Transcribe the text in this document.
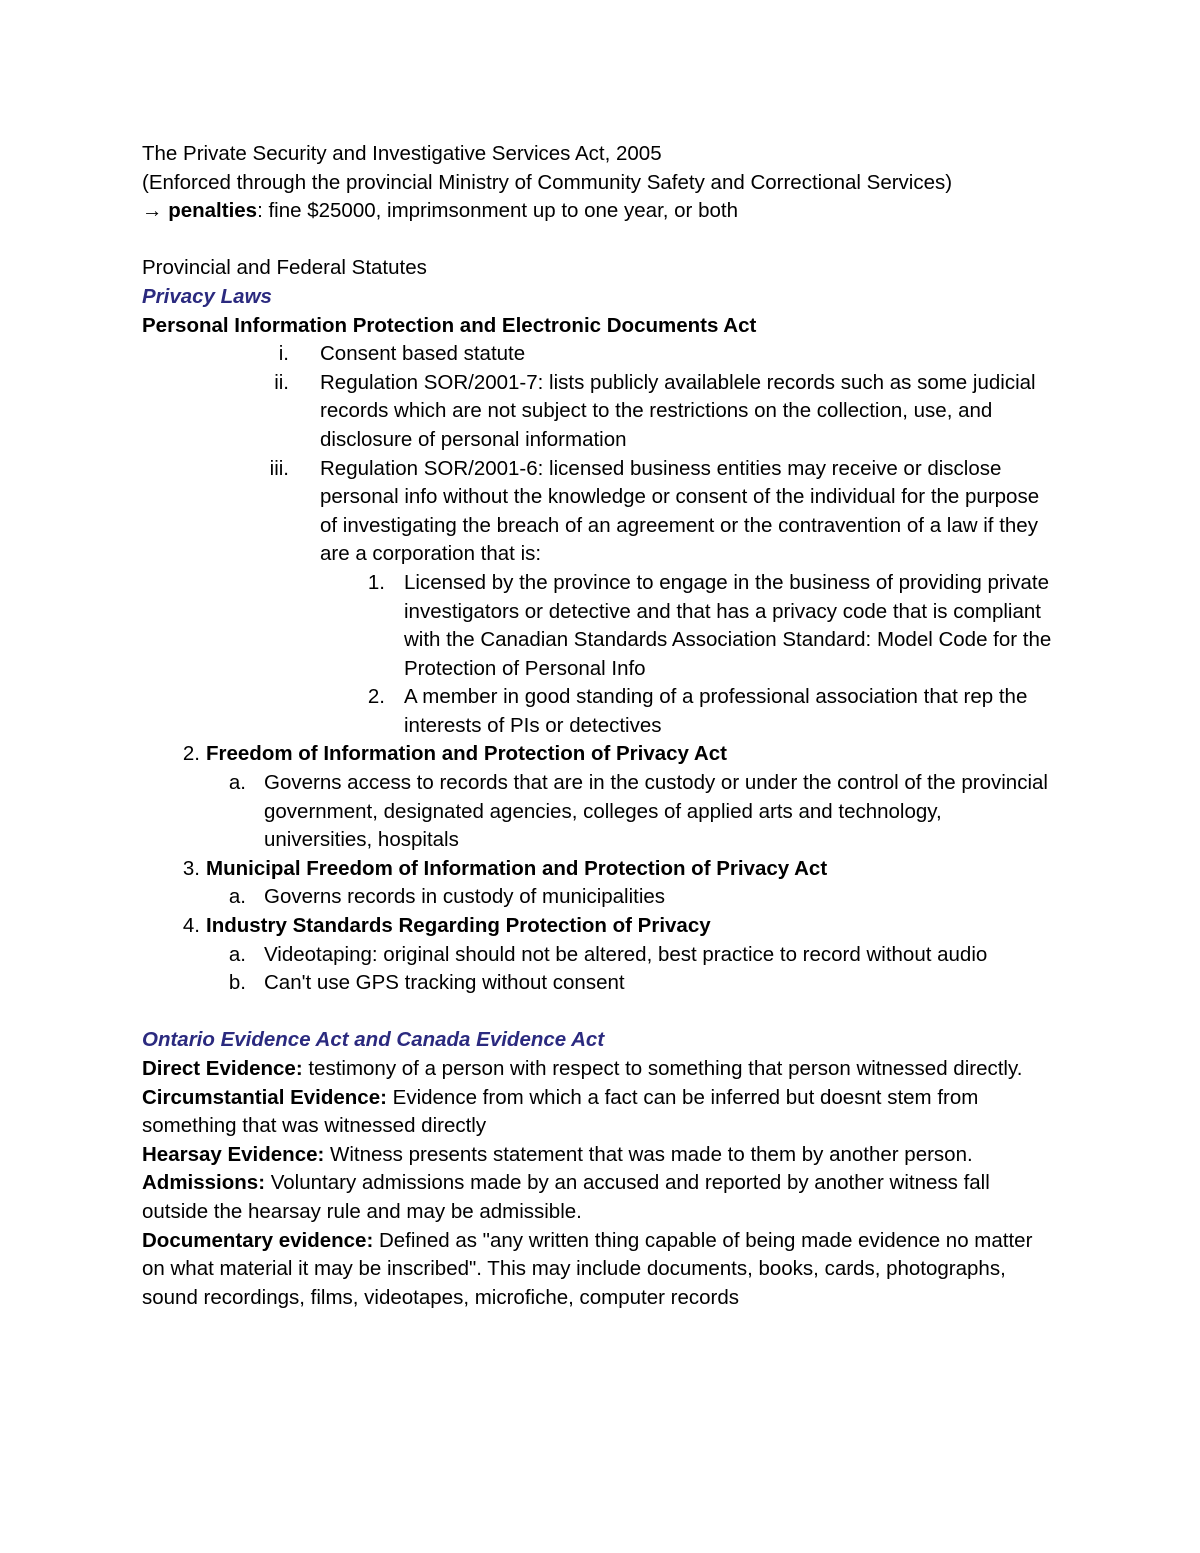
The Private Security and Investigative Services Act, 2005
(Enforced through the provincial Ministry of Community Safety and Correctional Services)
→ penalties: fine $25000, imprimsonment up to one year, or both
Provincial and Federal Statutes
Privacy Laws
Personal Information Protection and Electronic Documents Act
i.	Consent based statute
ii.	Regulation SOR/2001-7: lists publicly availablele records such as some judicial records which are not subject to the restrictions on the collection, use, and disclosure of personal information
iii.	Regulation SOR/2001-6: licensed business entities may receive or disclose personal info without the knowledge or consent of the individual for the purpose of investigating the breach of an agreement or the contravention of a law if they are a corporation that is:
1. Licensed by the province to engage in the business of providing private investigators or detective and that has a privacy code that is compliant with the Canadian Standards Association Standard: Model Code for the Protection of Personal Info
2. A member in good standing of a professional association that rep the interests of PIs or detectives
2. Freedom of Information and Protection of Privacy Act
a. Governs access to records that are in the custody or under the control of the provincial government, designated agencies, colleges of applied arts and technology, universities, hospitals
3. Municipal Freedom of Information and Protection of Privacy Act
a. Governs records in custody of municipalities
4. Industry Standards Regarding Protection of Privacy
a. Videotaping: original should not be altered, best practice to record without audio
b. Can't use GPS tracking without consent
Ontario Evidence Act and Canada Evidence Act
Direct Evidence: testimony of a person with respect to something that person witnessed directly.
Circumstantial Evidence: Evidence from which a fact can be inferred but doesnt stem from something that was witnessed directly
Hearsay Evidence: Witness presents statement that was made to them by another person.
Admissions: Voluntary admissions made by an accused and reported by another witness fall outside the hearsay rule and may be admissible.
Documentary evidence: Defined as "any written thing capable of being made evidence no matter on what material it may be inscribed". This may include documents, books, cards, photographs, sound recordings, films, videotapes, microfiche, computer records
